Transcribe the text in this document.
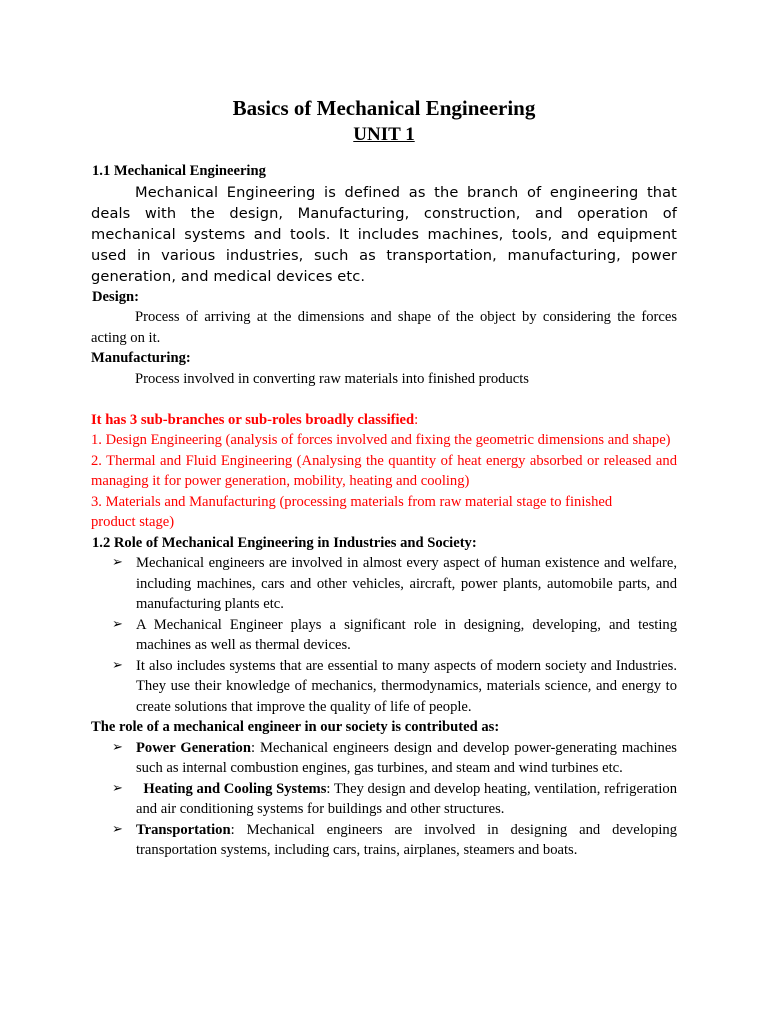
Basics of Mechanical Engineering

UNIT 1

1.1 Mechanical Engineering

Mechanical Engineering is defined as the branch of engineering that deals with the design, Manufacturing, construction, and operation of mechanical systems and tools. It includes machines, tools, and equipment used in various industries, such as transportation, manufacturing, power generation, and medical devices etc.

Design:

Process of arriving at the dimensions and shape of the object by considering the forces acting on it.

Manufacturing:

Process involved in converting raw materials into finished products

It has 3 sub-branches or sub-roles broadly classified:

1. Design Engineering (analysis of forces involved and fixing the geometric dimensions and shape)

2. Thermal and Fluid Engineering (Analysing the quantity of heat energy absorbed or released and managing it for power generation, mobility, heating and cooling)

3. Materials and Manufacturing (processing materials from raw material stage to finished product stage)

1.2 Role of Mechanical Engineering in Industries and Society:

➢ Mechanical engineers are involved in almost every aspect of human existence and welfare, including machines, cars and other vehicles, aircraft, power plants, automobile parts, and manufacturing plants etc.
➢ A Mechanical Engineer plays a significant role in designing, developing, and testing machines as well as thermal devices.
➢ It also includes systems that are essential to many aspects of modern society and Industries. They use their knowledge of mechanics, thermodynamics, materials science, and energy to create solutions that improve the quality of life of people.

The role of a mechanical engineer in our society is contributed as:

➢ Power Generation: Mechanical engineers design and develop power-generating machines such as internal combustion engines, gas turbines, and steam and wind turbines etc.
➢ Heating and Cooling Systems: They design and develop heating, ventilation, refrigeration and air conditioning systems for buildings and other structures.
➢ Transportation: Mechanical engineers are involved in designing and developing transportation systems, including cars, trains, airplanes, steamers and boats.
